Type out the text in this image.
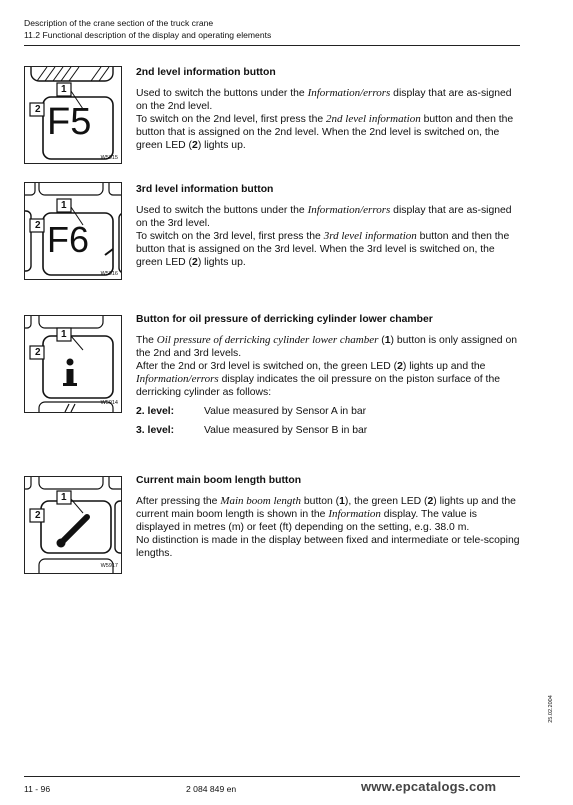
Description of the crane section of the truck crane
11.2 Functional description of the display and operating elements
2
1
F5
W5915
2nd level information button

Used to switch the buttons under the Information/errors display that are as-signed on the 2nd level.

To switch on the 2nd level, first press the 2nd level information button and then the button that is assigned on the 2nd level. When the 2nd level is switched on, the green LED (2) lights up.

2
1
F6
W5916
3rd level information button

Used to switch the buttons under the Information/errors display that are as-signed on the 3rd level.

To switch on the 3rd level, first press the 3rd level information button and then the button that is assigned on the 3rd level. When the 3rd level is switched on, the green LED (2) lights up.

2
1
W5914
Button for oil pressure of derricking cylinder lower chamber

The Oil pressure of derricking cylinder lower chamber (1) button is only assigned on the 2nd and 3rd levels.

After the 2nd or 3rd level is switched on, the green LED (2) lights up and the Information/errors display indicates the oil pressure on the piston surface of the derricking cylinder as follows:

2. level:	Value measured by Sensor A in bar
3. level:	Value measured by Sensor B in bar
2
1
W5917
Current main boom length button

After pressing the Main boom length button (1), the green LED (2) lights up and the current main boom length is shown in the Information display. The value is displayed in metres (m) or feet (ft) depending on the setting, e.g. 38.0 m.

No distinction is made in the display between fixed and intermediate or tele-scoping lengths.

25.02.2004
11 - 96	2 084 849 en	www.epcatalogs.com
